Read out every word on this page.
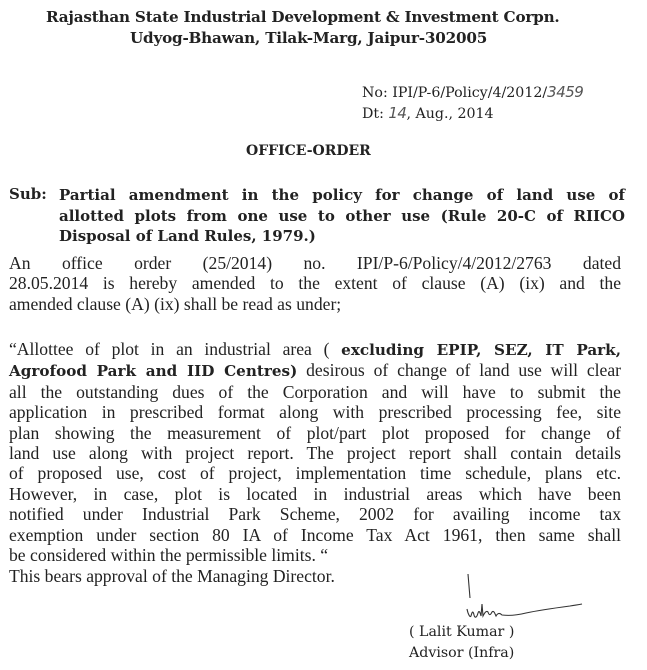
Rajasthan State Industrial Development & Investment Corpn.
Udyog-Bhawan, Tilak-Marg, Jaipur-302005
No: IPI/P-6/Policy/4/2012/3459
Dt: 14, Aug., 2014
OFFICE-ORDER
Sub: Partial amendment in the policy for change of land use of
allotted plots from one use to other use (Rule 20-C of RIICO
Disposal of Land Rules, 1979.)
An office order (25/2014) no. IPI/P-6/Policy/4/2012/2763 dated
28.05.2014 is hereby amended to the extent of clause (A) (ix) and the
amended clause (A) (ix) shall be read as under;
“Allottee of plot in an industrial area ( excluding EPIP, SEZ, IT Park,
Agrofood Park and IID Centres) desirous of change of land use will clear
all the outstanding dues of the Corporation and will have to submit the
application in prescribed format along with prescribed processing fee, site
plan showing the measurement of plot/part plot proposed for change of
land use along with project report. The project report shall contain details
of proposed use, cost of project, implementation time schedule, plans etc.
However, in case, plot is located in industrial areas which have been
notified under Industrial Park Scheme, 2002 for availing income tax
exemption under section 80 IA of Income Tax Act 1961, then same shall
be considered within the permissible limits. “
This bears approval of the Managing Director.
( Lalit Kumar )
Advisor (Infra)
